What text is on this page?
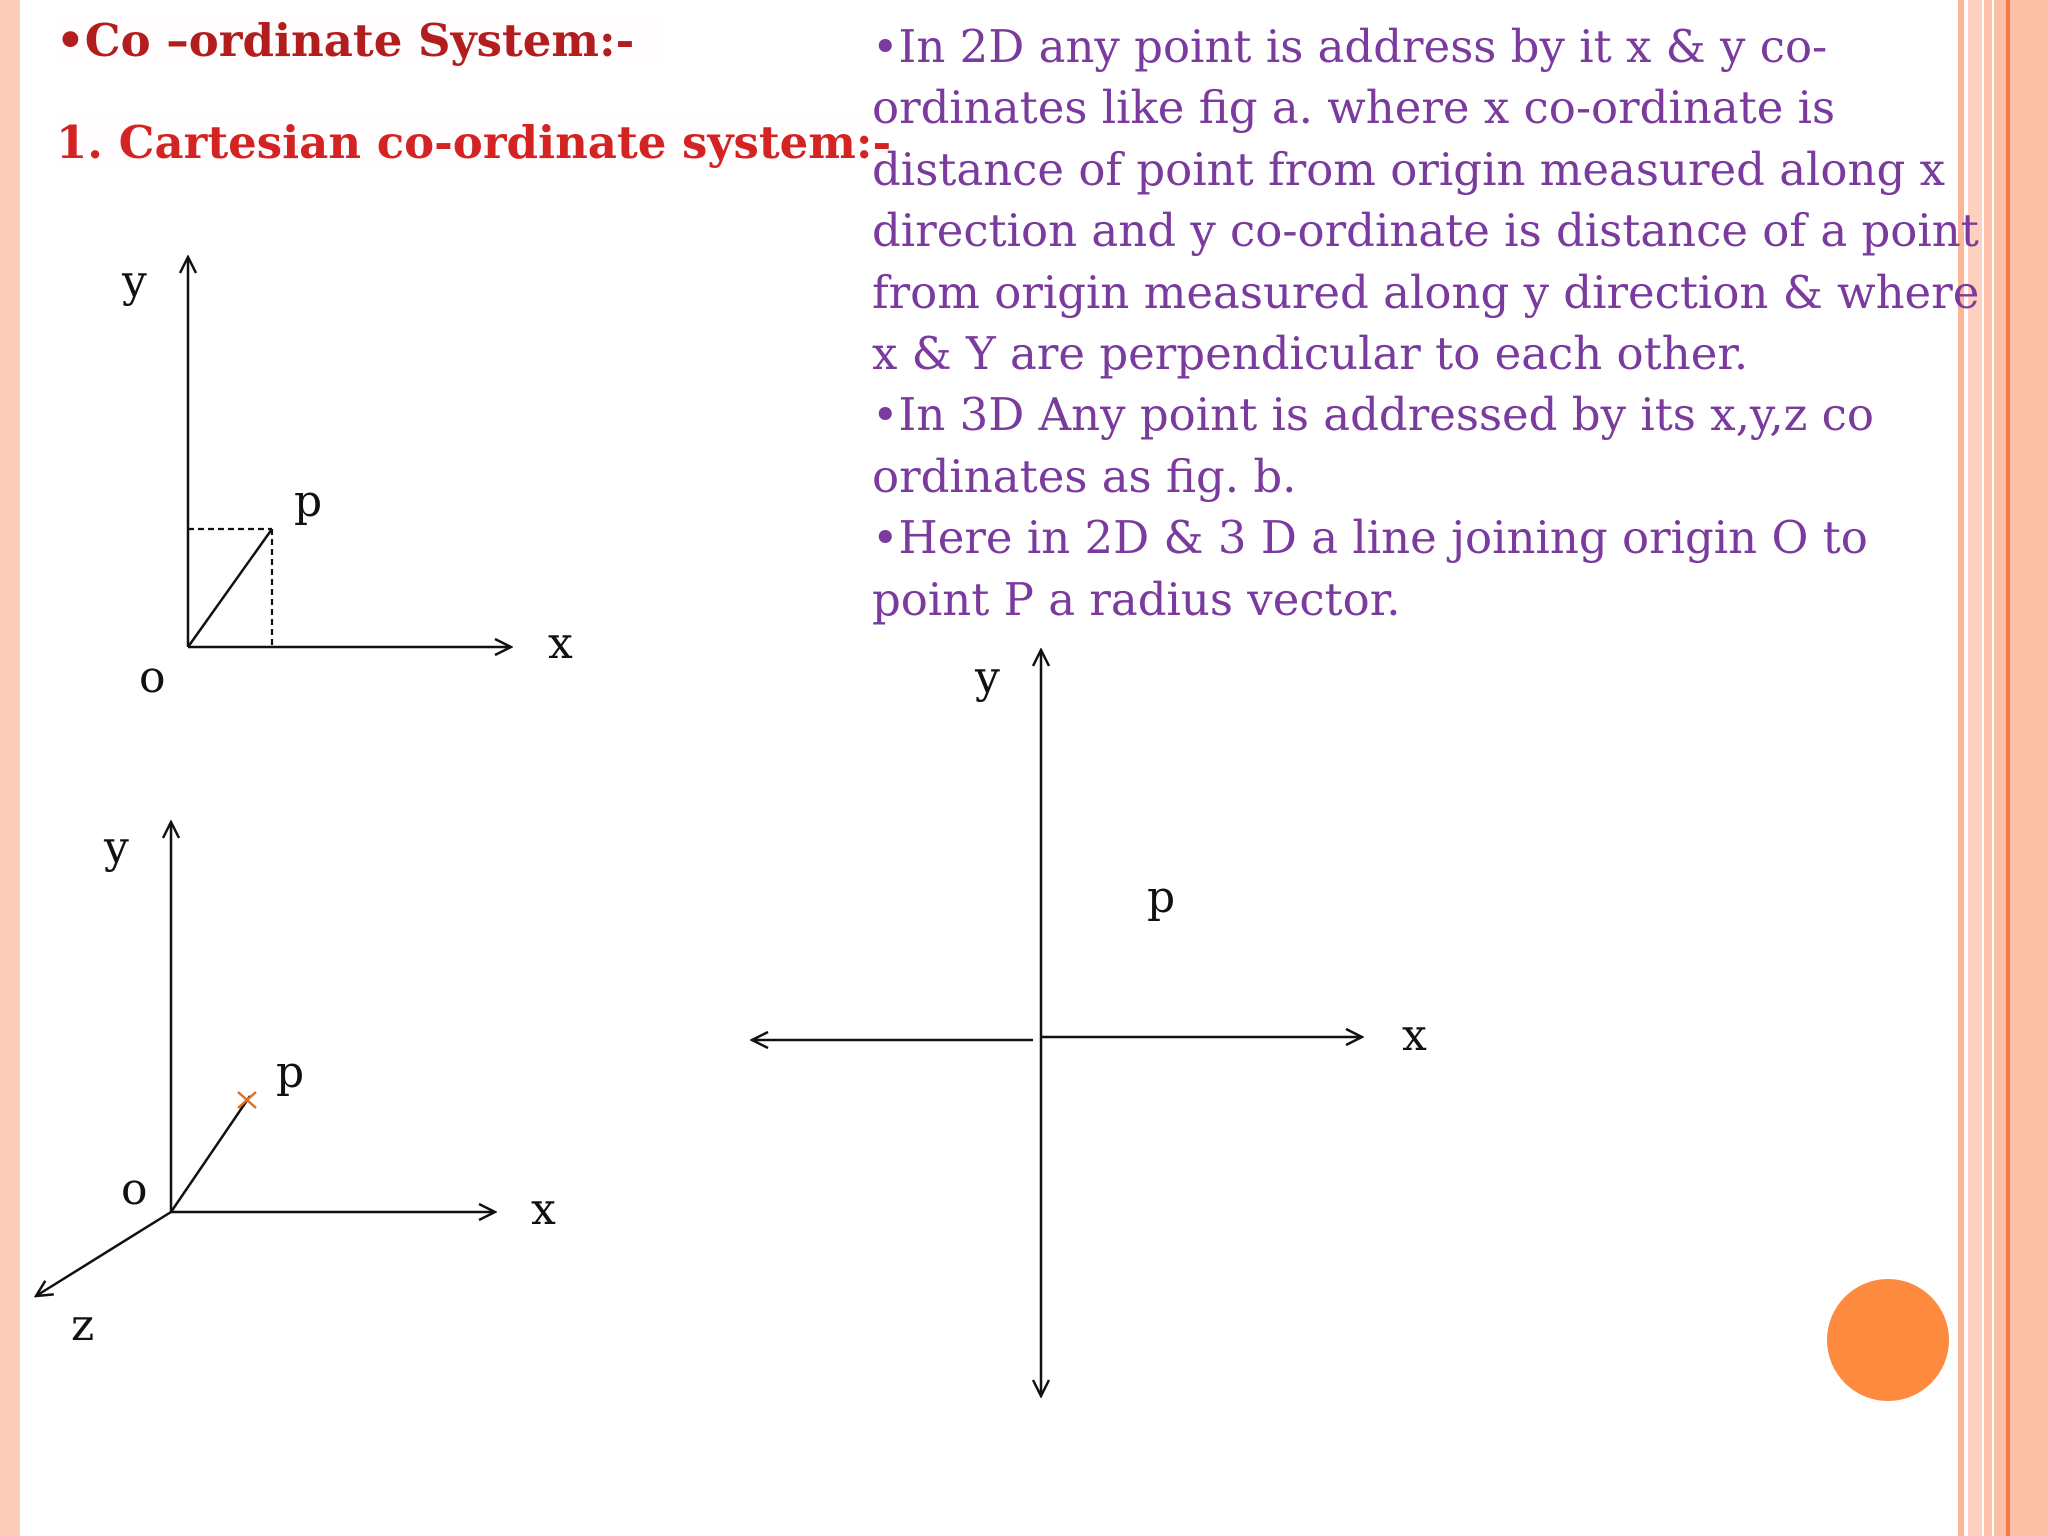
•Co –ordinate System:-
1. Cartesian co-ordinate system:-

•In 2D any point is address by it x & y co-

ordinates like fig a. where x co-ordinate is

distance of point from origin measured along x

direction and y co-ordinate is distance of a point

from origin measured along y direction & where

x & Y are perpendicular to each other.

•In 3D Any point is addressed by its x,y,z co

ordinates as fig. b.

•Here in 2D & 3 D a line joining origin O to

point P a radius vector.

y
x
o
p
y
x
o
z
p
y
x
p
